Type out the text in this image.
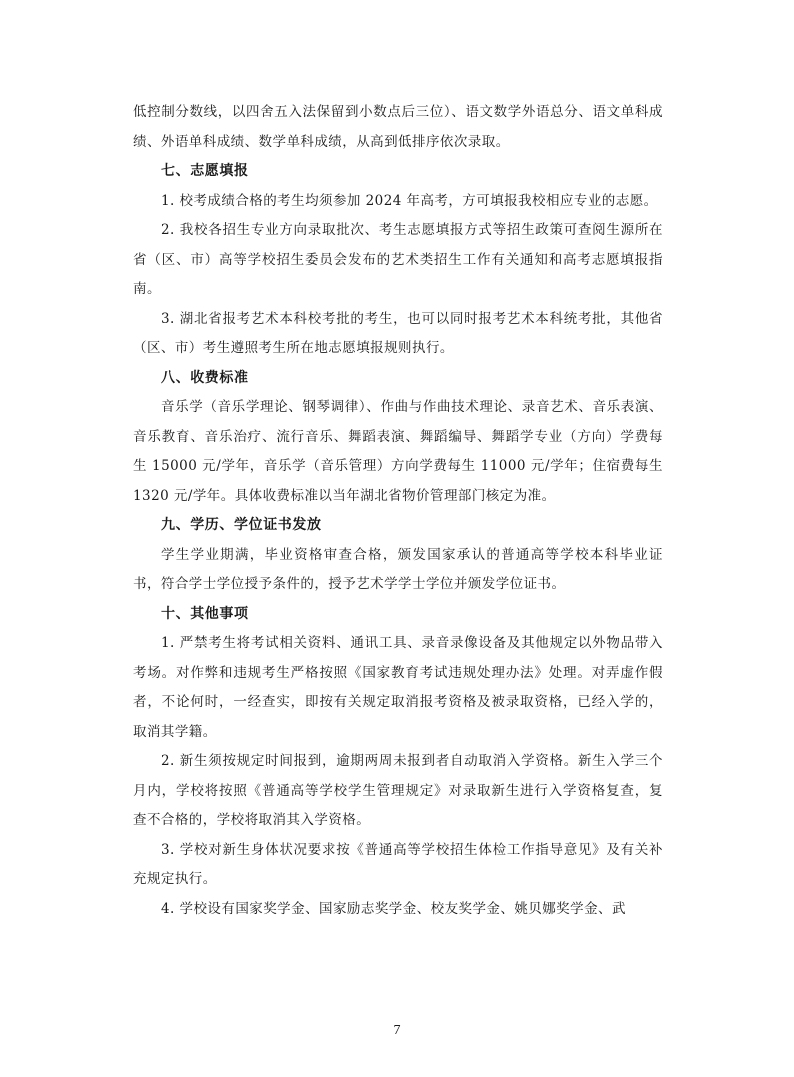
低控制分数线，以四舍五入法保留到小数点后三位）、语文数学外语总分、语文单科成绩、外语单科成绩、数学单科成绩，从高到低排序依次录取。

七、志愿填报

1. 校考成绩合格的考生均须参加 2024 年高考，方可填报我校相应专业的志愿。

2. 我校各招生专业方向录取批次、考生志愿填报方式等招生政策可查阅生源所在省（区、市）高等学校招生委员会发布的艺术类招生工作有关通知和高考志愿填报指南。

3. 湖北省报考艺术本科校考批的考生，也可以同时报考艺术本科统考批，其他省（区、市）考生遵照考生所在地志愿填报规则执行。

八、收费标准

音乐学（音乐学理论、钢琴调律）、作曲与作曲技术理论、录音艺术、音乐表演、音乐教育、音乐治疗、流行音乐、舞蹈表演、舞蹈编导、舞蹈学专业（方向）学费每生 15000 元/学年，音乐学（音乐管理）方向学费每生 11000 元/学年；住宿费每生 1320 元/学年。具体收费标准以当年湖北省物价管理部门核定为准。

九、学历、学位证书发放

学生学业期满，毕业资格审查合格，颁发国家承认的普通高等学校本科毕业证书，符合学士学位授予条件的，授予艺术学学士学位并颁发学位证书。

十、其他事项

1. 严禁考生将考试相关资料、通讯工具、录音录像设备及其他规定以外物品带入考场。对作弊和违规考生严格按照《国家教育考试违规处理办法》处理。对弄虚作假者，不论何时，一经查实，即按有关规定取消报考资格及被录取资格，已经入学的，取消其学籍。

2. 新生须按规定时间报到，逾期两周未报到者自动取消入学资格。新生入学三个月内，学校将按照《普通高等学校学生管理规定》对录取新生进行入学资格复查，复查不合格的，学校将取消其入学资格。

3. 学校对新生身体状况要求按《普通高等学校招生体检工作指导意见》及有关补充规定执行。

4. 学校设有国家奖学金、国家励志奖学金、校友奖学金、姚贝娜奖学金、武

7
